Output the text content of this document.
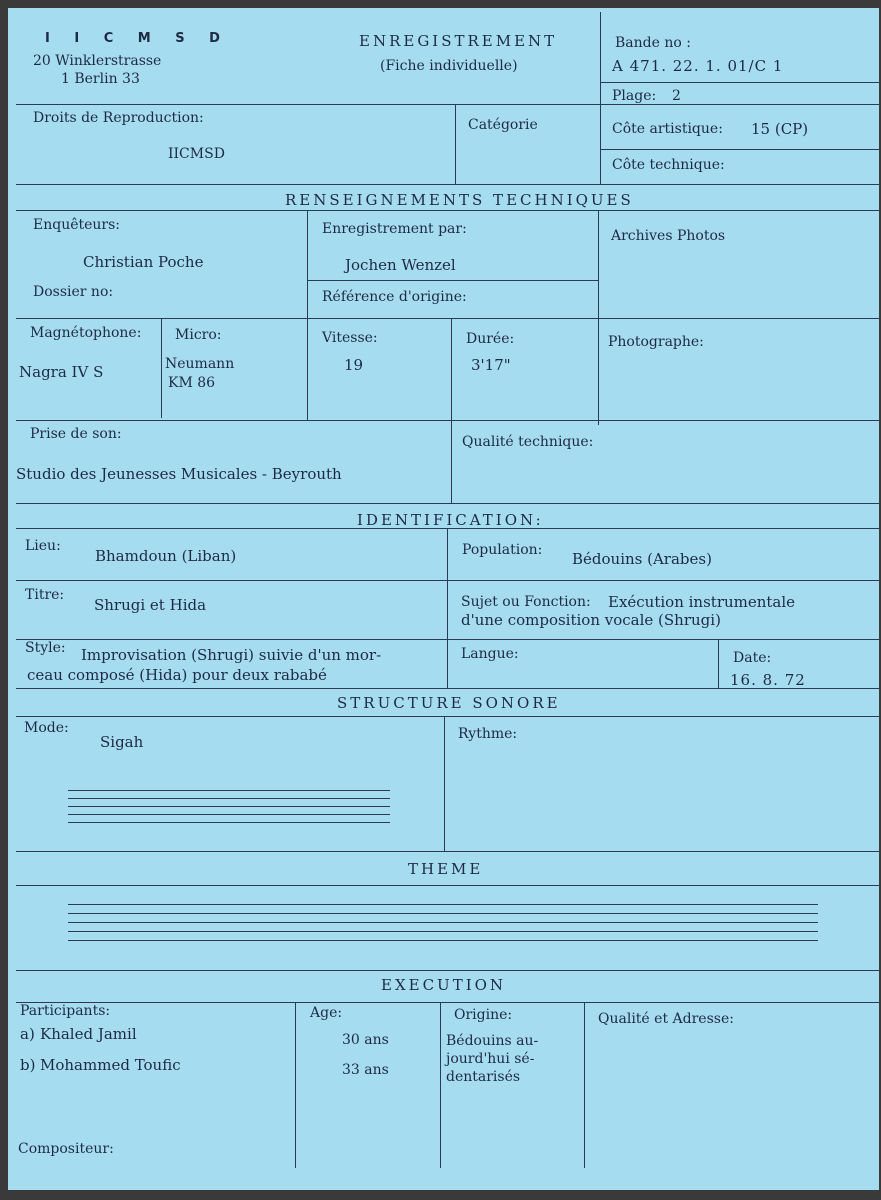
I I C M S D
20 Winklerstrasse
1 Berlin 33
ENREGISTREMENT
(Fiche individuelle)
Bande no :
A 471. 22. 1. 01/C 1
Plage: 2
Droits de Reproduction:
IICMSD
Catégorie	Côte artistique: 15 (CP)
Côte technique:
RENSEIGNEMENTS TECHNIQUES
Enquêteurs:
Christian Poche
Dossier no:
Enregistrement par:
Jochen Wenzel
Référence d'origine:
Archives Photos
Magnétophone:
Nagra IV S
Micro:
Neumann
KM 86
Vitesse:
19
Durée:
3'17"
Photographe:
Prise de son:
Studio des Jeunesses Musicales - Beyrouth
Qualité technique:
IDENTIFICATION:
Lieu:
Bhamdoun (Liban)	Population: Bédouins (Arabes)
Titre:
Shrugi et Hida	Sujet ou Fonction: Exécution instrumentale
d'une composition vocale (Shrugi)
Style: Improvisation (Shrugi) suivie d'un mor-
ceau composé (Hida) pour deux rababé
Langue:	Date:
16. 8. 72
STRUCTURE SONORE
Mode:
Sigah	Rythme:
THEME
EXECUTION
Participants:
a) Khaled Jamil
b) Mohammed Toufic
Compositeur:
Age:
30 ans
33 ans
Origine:
Bédouins au-
jourd'hui sé-
dentarisés
Qualité et Adresse:
